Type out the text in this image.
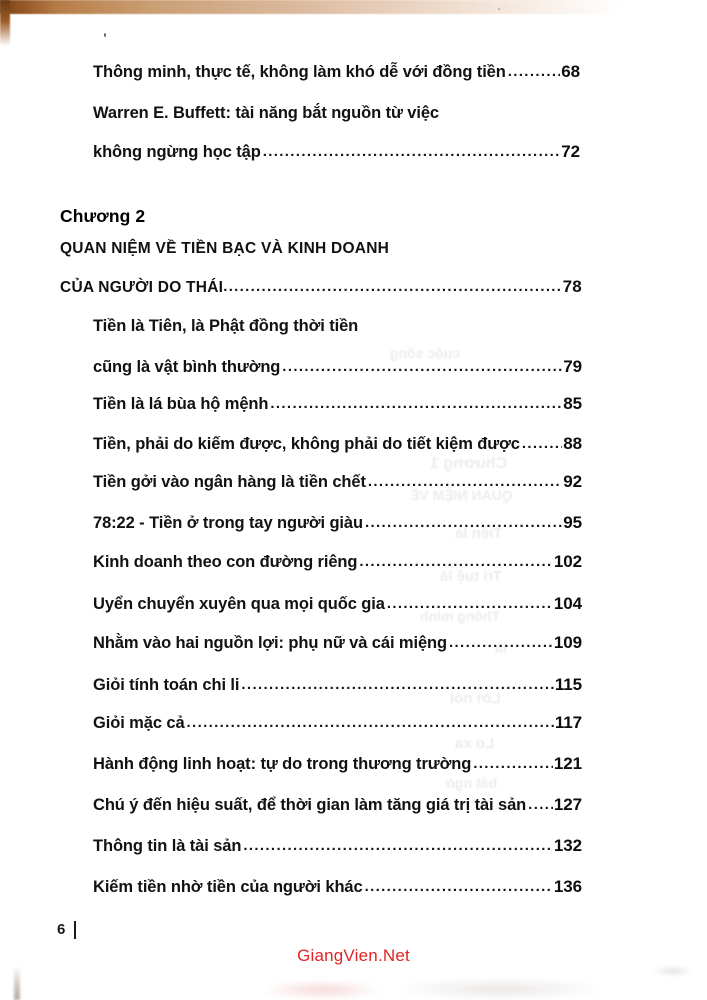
Chương 1
QUAN NIỆM VỀ
Tiền là
Trí tuệ là
Thông minh
là
Lời nói
Lo xa
bất ngờ
cuộc sống
Thông minh, thực tế, không làm khó dễ với đồng tiền .....	68
Warren E. Buffett: tài năng bắt nguồn từ việc
không ngừng học tập .....	72
Chương 2
QUAN NIỆM VỀ TIỀN BẠC VÀ KINH DOANH
CỦA NGƯỜI DO THÁI .....	78
Tiền là Tiên, là Phật đồng thời tiền
cũng là vật bình thường .....	79
Tiền là lá bùa hộ mệnh .....	85
Tiền, phải do kiếm được, không phải do tiết kiệm được .....	88
Tiền gởi vào ngân hàng là tiền chết .....	92
78:22 - Tiền ở trong tay người giàu .....	95
Kinh doanh theo con đường riêng .....	102
Uyển chuyển xuyên qua mọi quốc gia .....	104
Nhằm vào hai nguồn lợi: phụ nữ và cái miệng .....	109
Giỏi tính toán chi li .....	115
Giỏi mặc cả .....	117
Hành động linh hoạt: tự do trong thương trường .....	121
Chú ý đến hiệu suất, để thời gian làm tăng giá trị tài sản ..... 127
Thông tin là tài sản .....	132
Kiếm tiền nhờ tiền của người khác .....	136
6
GiangVien.Net
